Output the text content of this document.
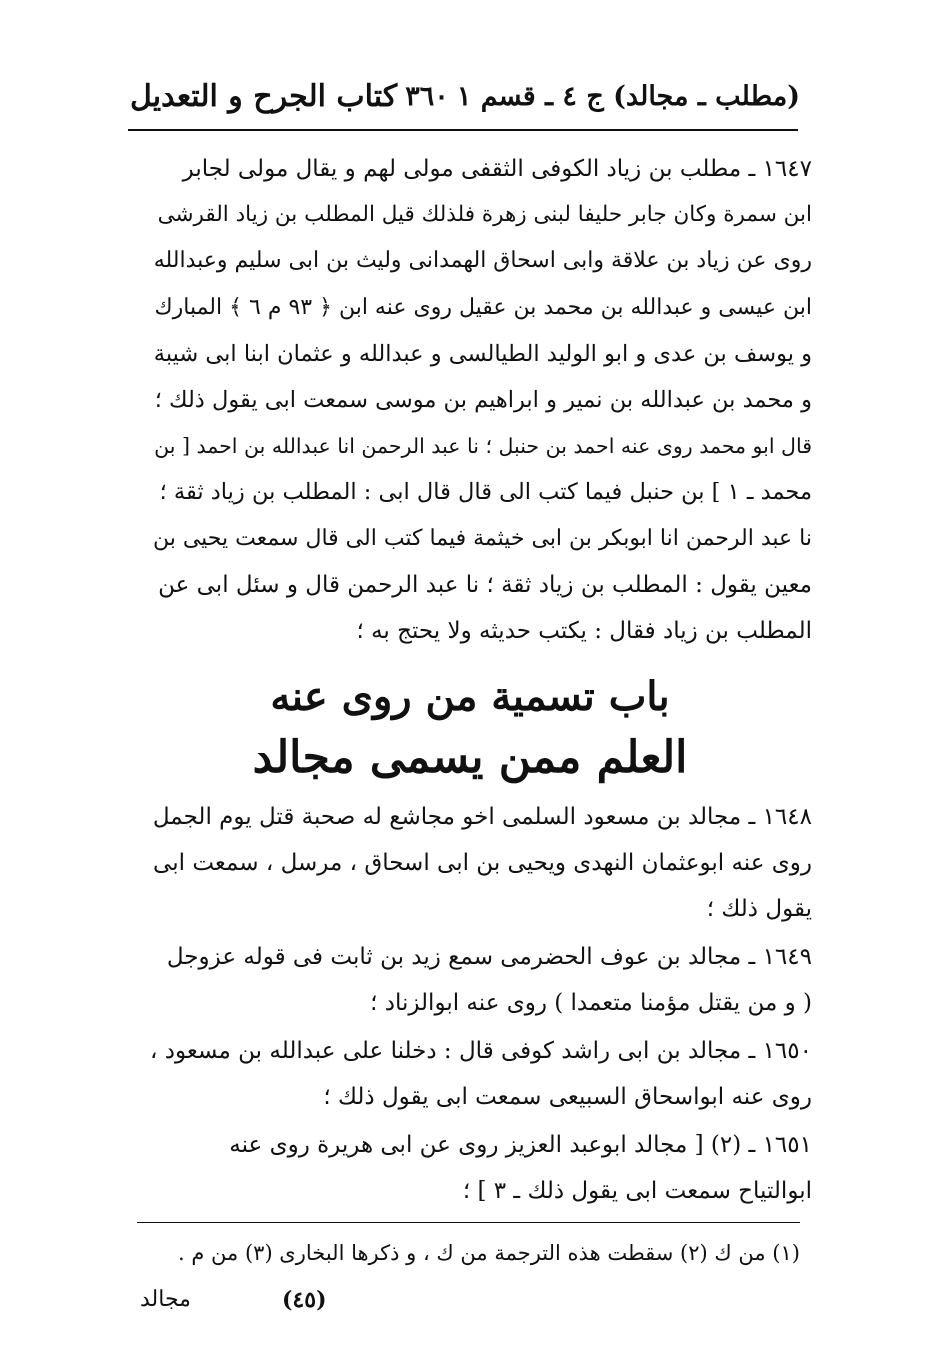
كتاب الجرح و التعديل ٣٦٠ (مطلب ـ مجالد) ج ٤ ـ قسم ١
١٦٤٧ ـ مطلب بن زياد الكوفى الثقفى مولى لهم و يقال مولى لجابر
ابن سمرة وكان جابر حليفا لبنى زهرة فلذلك قيل المطلب بن زياد القرشى
روى عن زياد بن علاقة وابى اسحاق الهمدانى وليث بن ابى سليم وعبدالله
ابن عيسى و عبدالله بن محمد بن عقيل روى عنه ابن ﴿ ٩٣ م ٦ ﴾ المبارك
و يوسف بن عدى و ابو الوليد الطيالسى و عبدالله و عثمان ابنا ابى شيبة
و محمد بن عبدالله بن نمير و ابراهيم بن موسى سمعت ابى يقول ذلك ؛
قال ابو محمد روى عنه احمد بن حنبل ؛ نا عبد الرحمن انا عبدالله بن احمد [ بن
محمد ـ ١ ] بن حنبل فيما كتب الى قال قال ابى : المطلب بن زياد ثقة ؛
نا عبد الرحمن انا ابوبكر بن ابى خيثمة فيما كتب الى قال سمعت يحيى بن
معين يقول : المطلب بن زياد ثقة ؛ نا عبد الرحمن قال و سئل ابى عن
المطلب بن زياد فقال : يكتب حديثه ولا يحتج به ؛
باب تسمية من روى عنه
العلم ممن يسمى مجالد
١٦٤٨ ـ مجالد بن مسعود السلمى اخو مجاشع له صحبة قتل يوم الجمل
روى عنه ابوعثمان النهدى ويحيى بن ابى اسحاق ، مرسل ، سمعت ابى
يقول ذلك ؛
١٦٤٩ ـ مجالد بن عوف الحضرمى سمع زيد بن ثابت فى قوله عزوجل
( و من يقتل مؤمنا متعمدا ) روى عنه ابوالزناد ؛
١٦٥٠ ـ مجالد بن ابى راشد كوفى قال : دخلنا على عبدالله بن مسعود ،
روى عنه ابواسحاق السبيعى سمعت ابى يقول ذلك ؛
١٦٥١ ـ (٢) [ مجالد ابوعبد العزيز روى عن ابى هريرة روى عنه
ابوالتياح سمعت ابى يقول ذلك ـ ٣ ] ؛
(١) من ك (٢) سقطت هذه الترجمة من ك ، و ذكرها البخارى (٣) من م .
مجالد	(٤٥)
